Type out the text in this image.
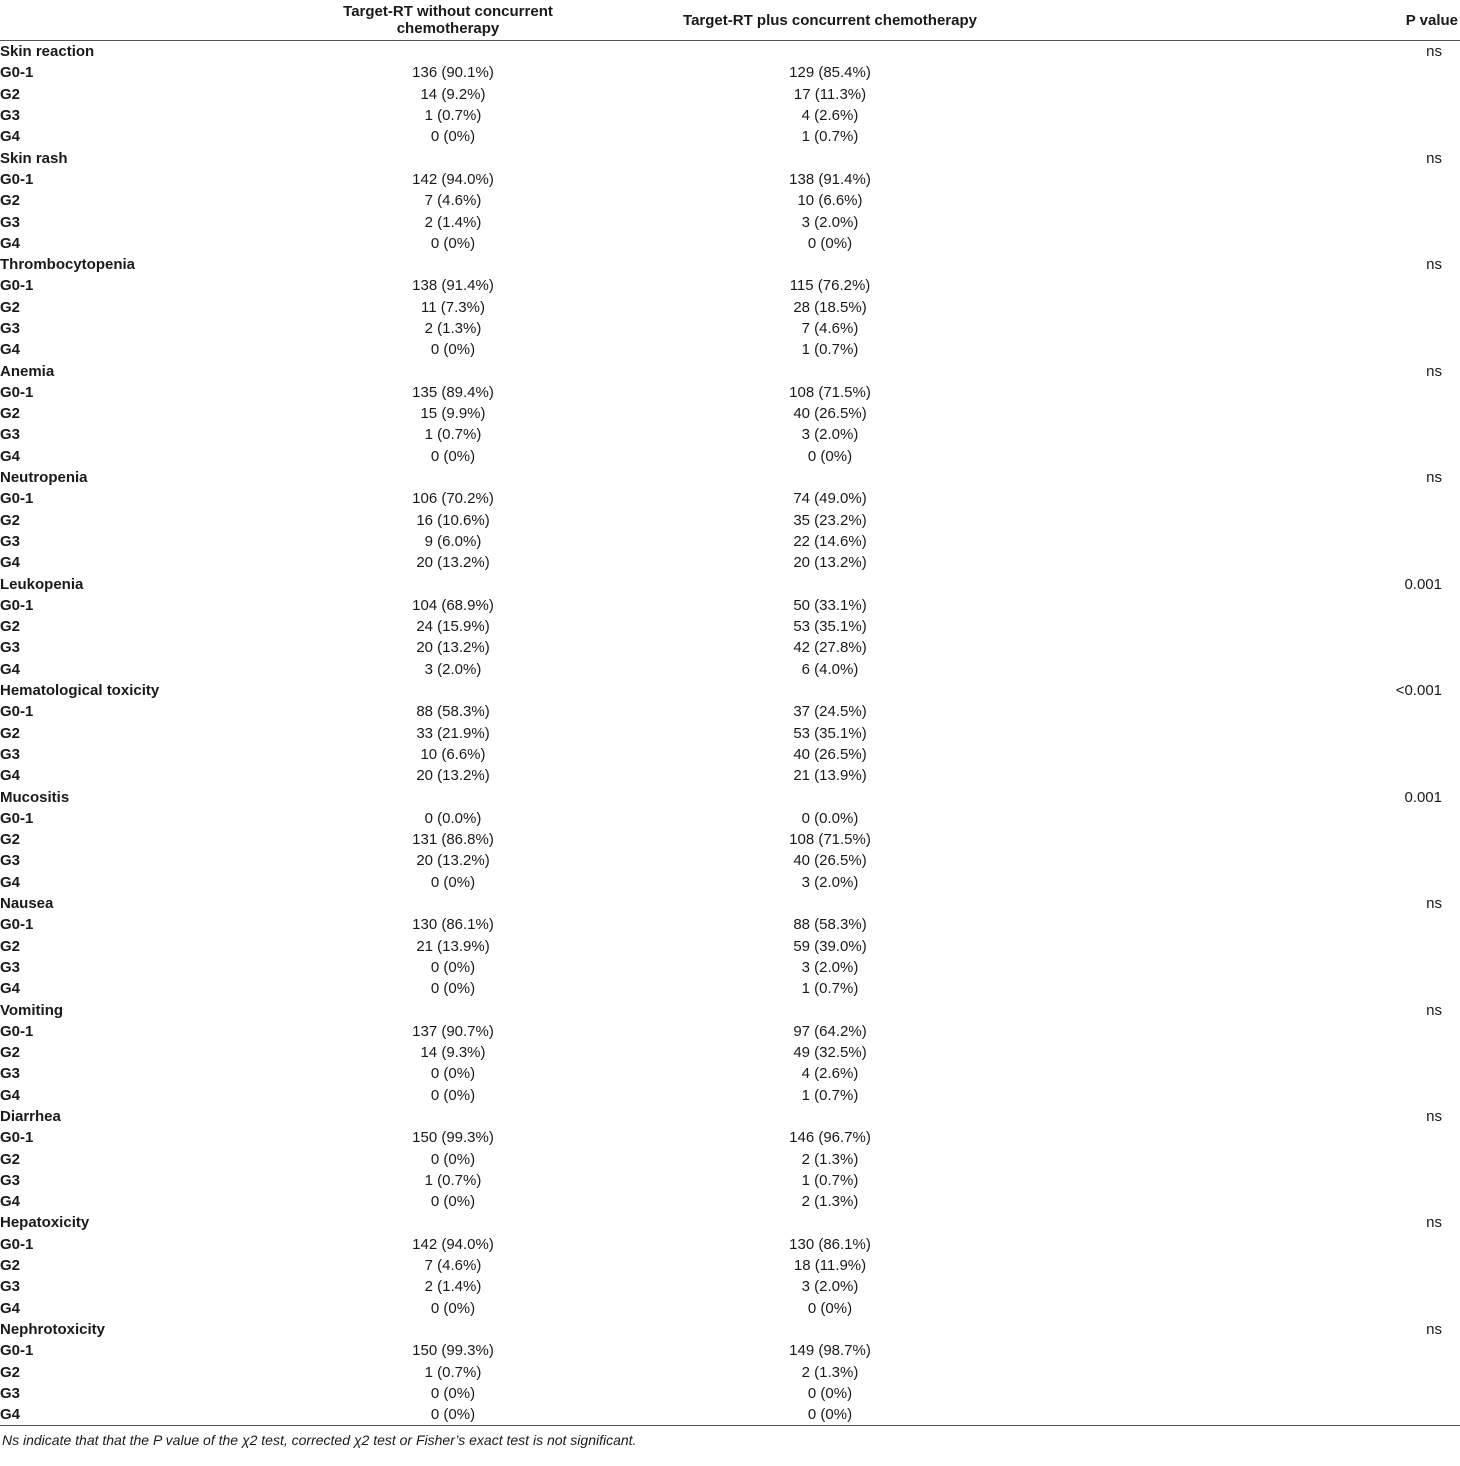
	Target-RT without concurrent chemotherapy	Target-RT plus concurrent chemotherapy	P value
Skin reaction			ns
G0-1	136 (90.1%)	129 (85.4%)	
G2	14 (9.2%)	17 (11.3%)	
G3	1 (0.7%)	4 (2.6%)	
G4	0 (0%)	1 (0.7%)	
Skin rash			ns
G0-1	142 (94.0%)	138 (91.4%)	
G2	7 (4.6%)	10 (6.6%)	
G3	2 (1.4%)	3 (2.0%)	
G4	0 (0%)	0 (0%)	
Thrombocytopenia			ns
G0-1	138 (91.4%)	115 (76.2%)	
G2	11 (7.3%)	28 (18.5%)	
G3	2 (1.3%)	7 (4.6%)	
G4	0 (0%)	1 (0.7%)	
Anemia			ns
G0-1	135 (89.4%)	108 (71.5%)	
G2	15 (9.9%)	40 (26.5%)	
G3	1 (0.7%)	3 (2.0%)	
G4	0 (0%)	0 (0%)	
Neutropenia			ns
G0-1	106 (70.2%)	74 (49.0%)	
G2	16 (10.6%)	35 (23.2%)	
G3	9 (6.0%)	22 (14.6%)	
G4	20 (13.2%)	20 (13.2%)	
Leukopenia			0.001
G0-1	104 (68.9%)	50 (33.1%)	
G2	24 (15.9%)	53 (35.1%)	
G3	20 (13.2%)	42 (27.8%)	
G4	3 (2.0%)	6 (4.0%)	
Hematological toxicity			<0.001
G0-1	88 (58.3%)	37 (24.5%)	
G2	33 (21.9%)	53 (35.1%)	
G3	10 (6.6%)	40 (26.5%)	
G4	20 (13.2%)	21 (13.9%)	
Mucositis			0.001
G0-1	0 (0.0%)	0 (0.0%)	
G2	131 (86.8%)	108 (71.5%)	
G3	20 (13.2%)	40 (26.5%)	
G4	0 (0%)	3 (2.0%)	
Nausea			ns
G0-1	130 (86.1%)	88 (58.3%)	
G2	21 (13.9%)	59 (39.0%)	
G3	0 (0%)	3 (2.0%)	
G4	0 (0%)	1 (0.7%)	
Vomiting			ns
G0-1	137 (90.7%)	97 (64.2%)	
G2	14 (9.3%)	49 (32.5%)	
G3	0 (0%)	4 (2.6%)	
G4	0 (0%)	1 (0.7%)	
Diarrhea			ns
G0-1	150 (99.3%)	146 (96.7%)	
G2	0 (0%)	2 (1.3%)	
G3	1 (0.7%)	1 (0.7%)	
G4	0 (0%)	2 (1.3%)	
Hepatoxicity			ns
G0-1	142 (94.0%)	130 (86.1%)	
G2	7 (4.6%)	18 (11.9%)	
G3	2 (1.4%)	3 (2.0%)	
G4	0 (0%)	0 (0%)	
Nephrotoxicity			ns
G0-1	150 (99.3%)	149 (98.7%)	
G2	1 (0.7%)	2 (1.3%)	
G3	0 (0%)	0 (0%)	
G4	0 (0%)	0 (0%)	
Ns indicate that that the P value of the χ2 test, corrected χ2 test or Fisher’s exact test is not significant.
